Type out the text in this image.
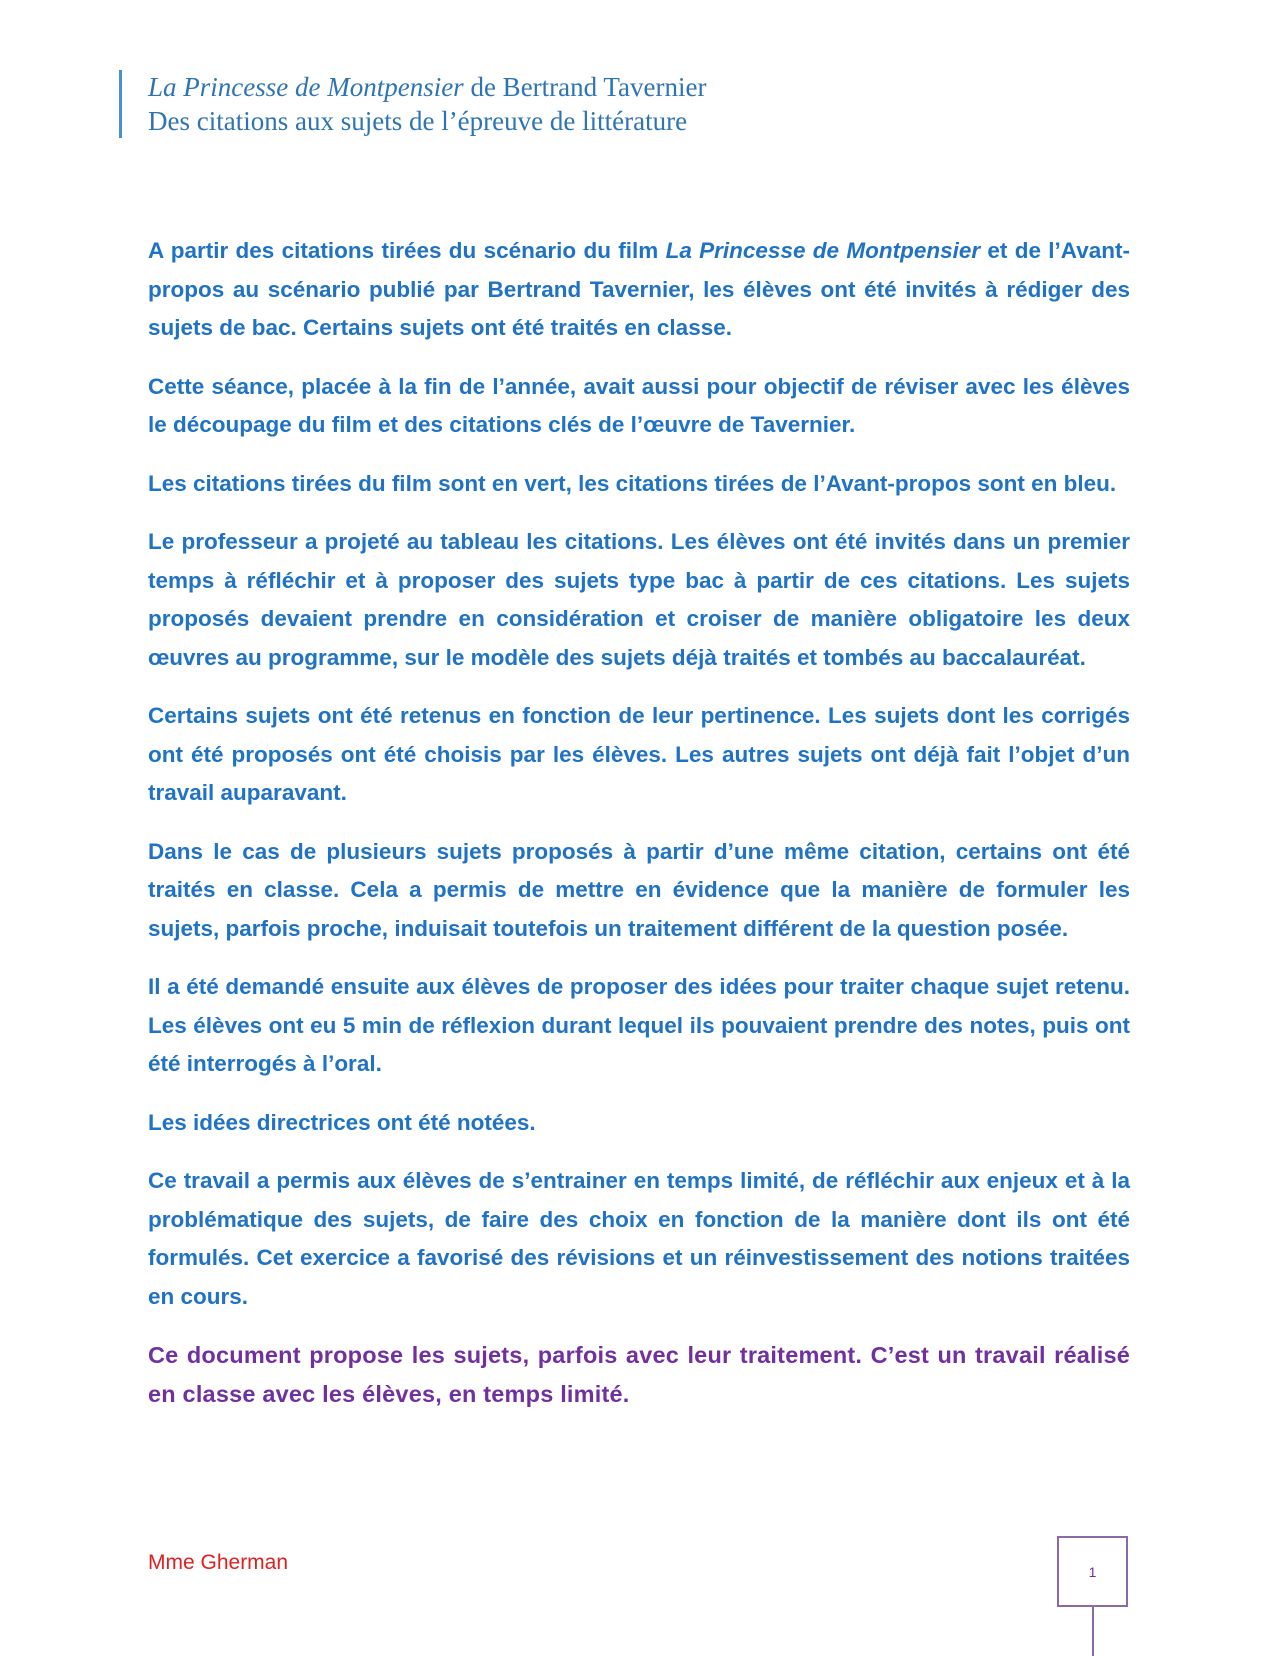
La Princesse de Montpensier de Bertrand Tavernier
Des citations aux sujets de l’épreuve de littérature

A partir des citations tirées du scénario du film La Princesse de Montpensier et de l’Avant-propos au scénario publié par Bertrand Tavernier, les élèves ont été invités à rédiger des sujets de bac. Certains sujets ont été traités en classe.

Cette séance, placée à la fin de l’année, avait aussi pour objectif de réviser avec les élèves le découpage du film et des citations clés de l’œuvre de Tavernier.

Les citations tirées du film sont en vert, les citations tirées de l’Avant-propos sont en bleu.

Le professeur a projeté au tableau les citations. Les élèves ont été invités dans un premier temps à réfléchir et à proposer des sujets type bac à partir de ces citations. Les sujets proposés devaient prendre en considération et croiser de manière obligatoire les deux œuvres au programme, sur le modèle des sujets déjà traités et tombés au baccalauréat.

Certains sujets ont été retenus en fonction de leur pertinence. Les sujets dont les corrigés ont été proposés ont été choisis par les élèves. Les autres sujets ont déjà fait l’objet d’un travail auparavant.

Dans le cas de plusieurs sujets proposés à partir d’une même citation, certains ont été traités en classe. Cela a permis de mettre en évidence que la manière de formuler les sujets, parfois proche, induisait toutefois un traitement différent de la question posée.

Il a été demandé ensuite aux élèves de proposer des idées pour traiter chaque sujet retenu. Les élèves ont eu 5 min de réflexion durant lequel ils pouvaient prendre des notes, puis ont été interrogés à l’oral.

Les idées directrices ont été notées.

Ce travail a permis aux élèves de s’entrainer en temps limité, de réfléchir aux enjeux et à la problématique des sujets, de faire des choix en fonction de la manière dont ils ont été formulés. Cet exercice a favorisé des révisions et un réinvestissement des notions traitées en cours.

Ce document propose les sujets, parfois avec leur traitement. C’est un travail réalisé en classe avec les élèves, en temps limité.

Mme Gherman	1
